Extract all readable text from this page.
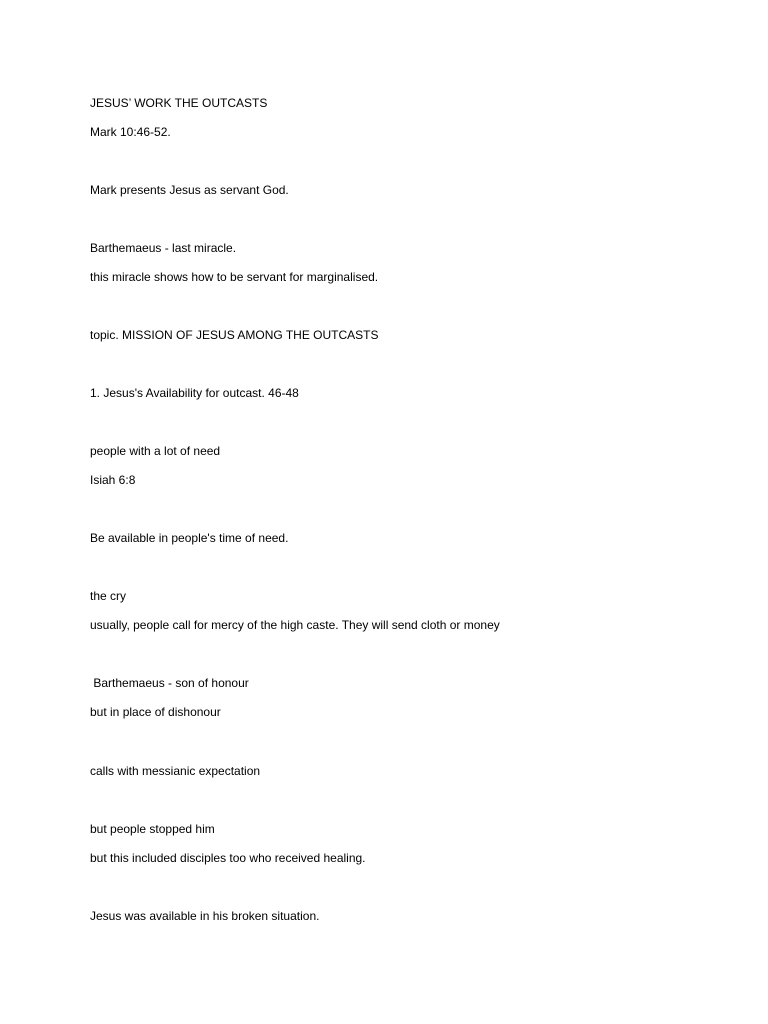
JESUS’ WORK THE OUTCASTS

Mark 10:46-52.

Mark presents Jesus as servant God.

Barthemaeus - last miracle.

this miracle shows how to be servant for marginalised.

topic. MISSION OF JESUS AMONG THE OUTCASTS

1. Jesus's Availability for outcast. 46-48

people with a lot of need

Isiah 6:8

Be available in people's time of need.

the cry

usually, people call for mercy of the high caste. They will send cloth or money

Barthemaeus - son of honour

but in place of dishonour

calls with messianic expectation

but people stopped him

but this included disciples too who received healing.

Jesus was available in his broken situation.
